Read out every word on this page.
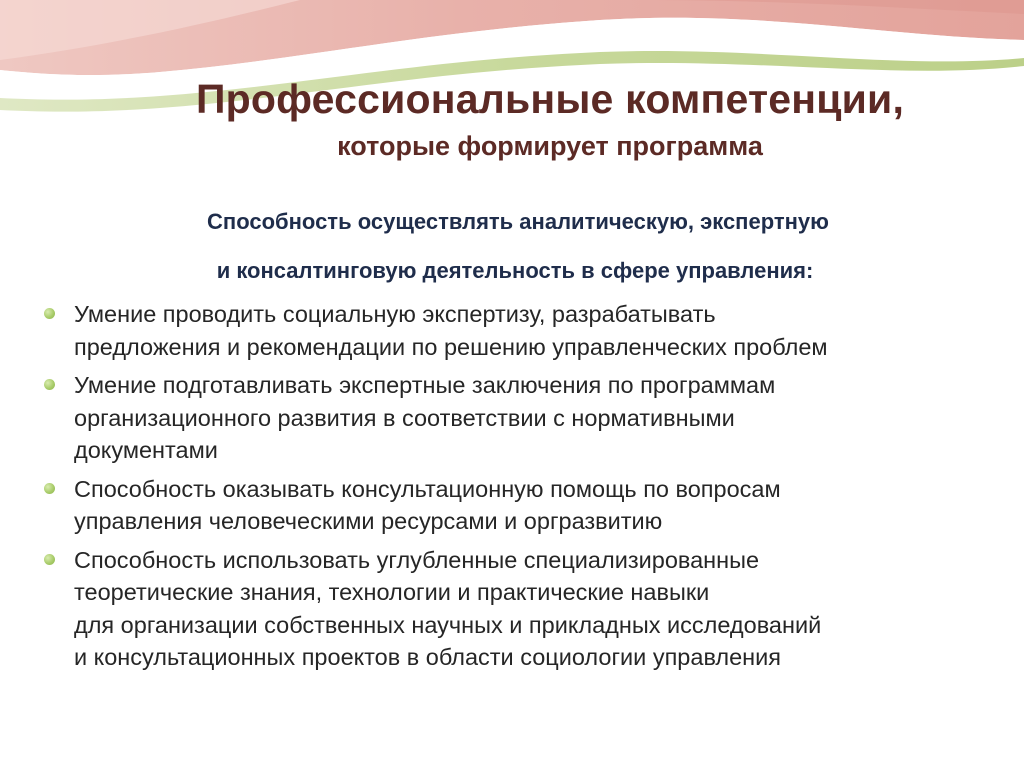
Профессиональные компетенции,
которые формирует программа
Способность осуществлять аналитическую, экспертную
и консалтинговую деятельность в сфере управления:
Умение проводить социальную экспертизу, разрабатывать
предложения и рекомендации по решению управленческих проблем
Умение подготавливать экспертные заключения по программам
организационного развития в соответствии с нормативными
документами
Способность оказывать консультационную помощь по вопросам
управления человеческими ресурсами и оргразвитию
Способность использовать углубленные специализированные
теоретические знания, технологии и практические навыки
для организации собственных научных и прикладных исследований
и консультационных проектов в области социологии управления
